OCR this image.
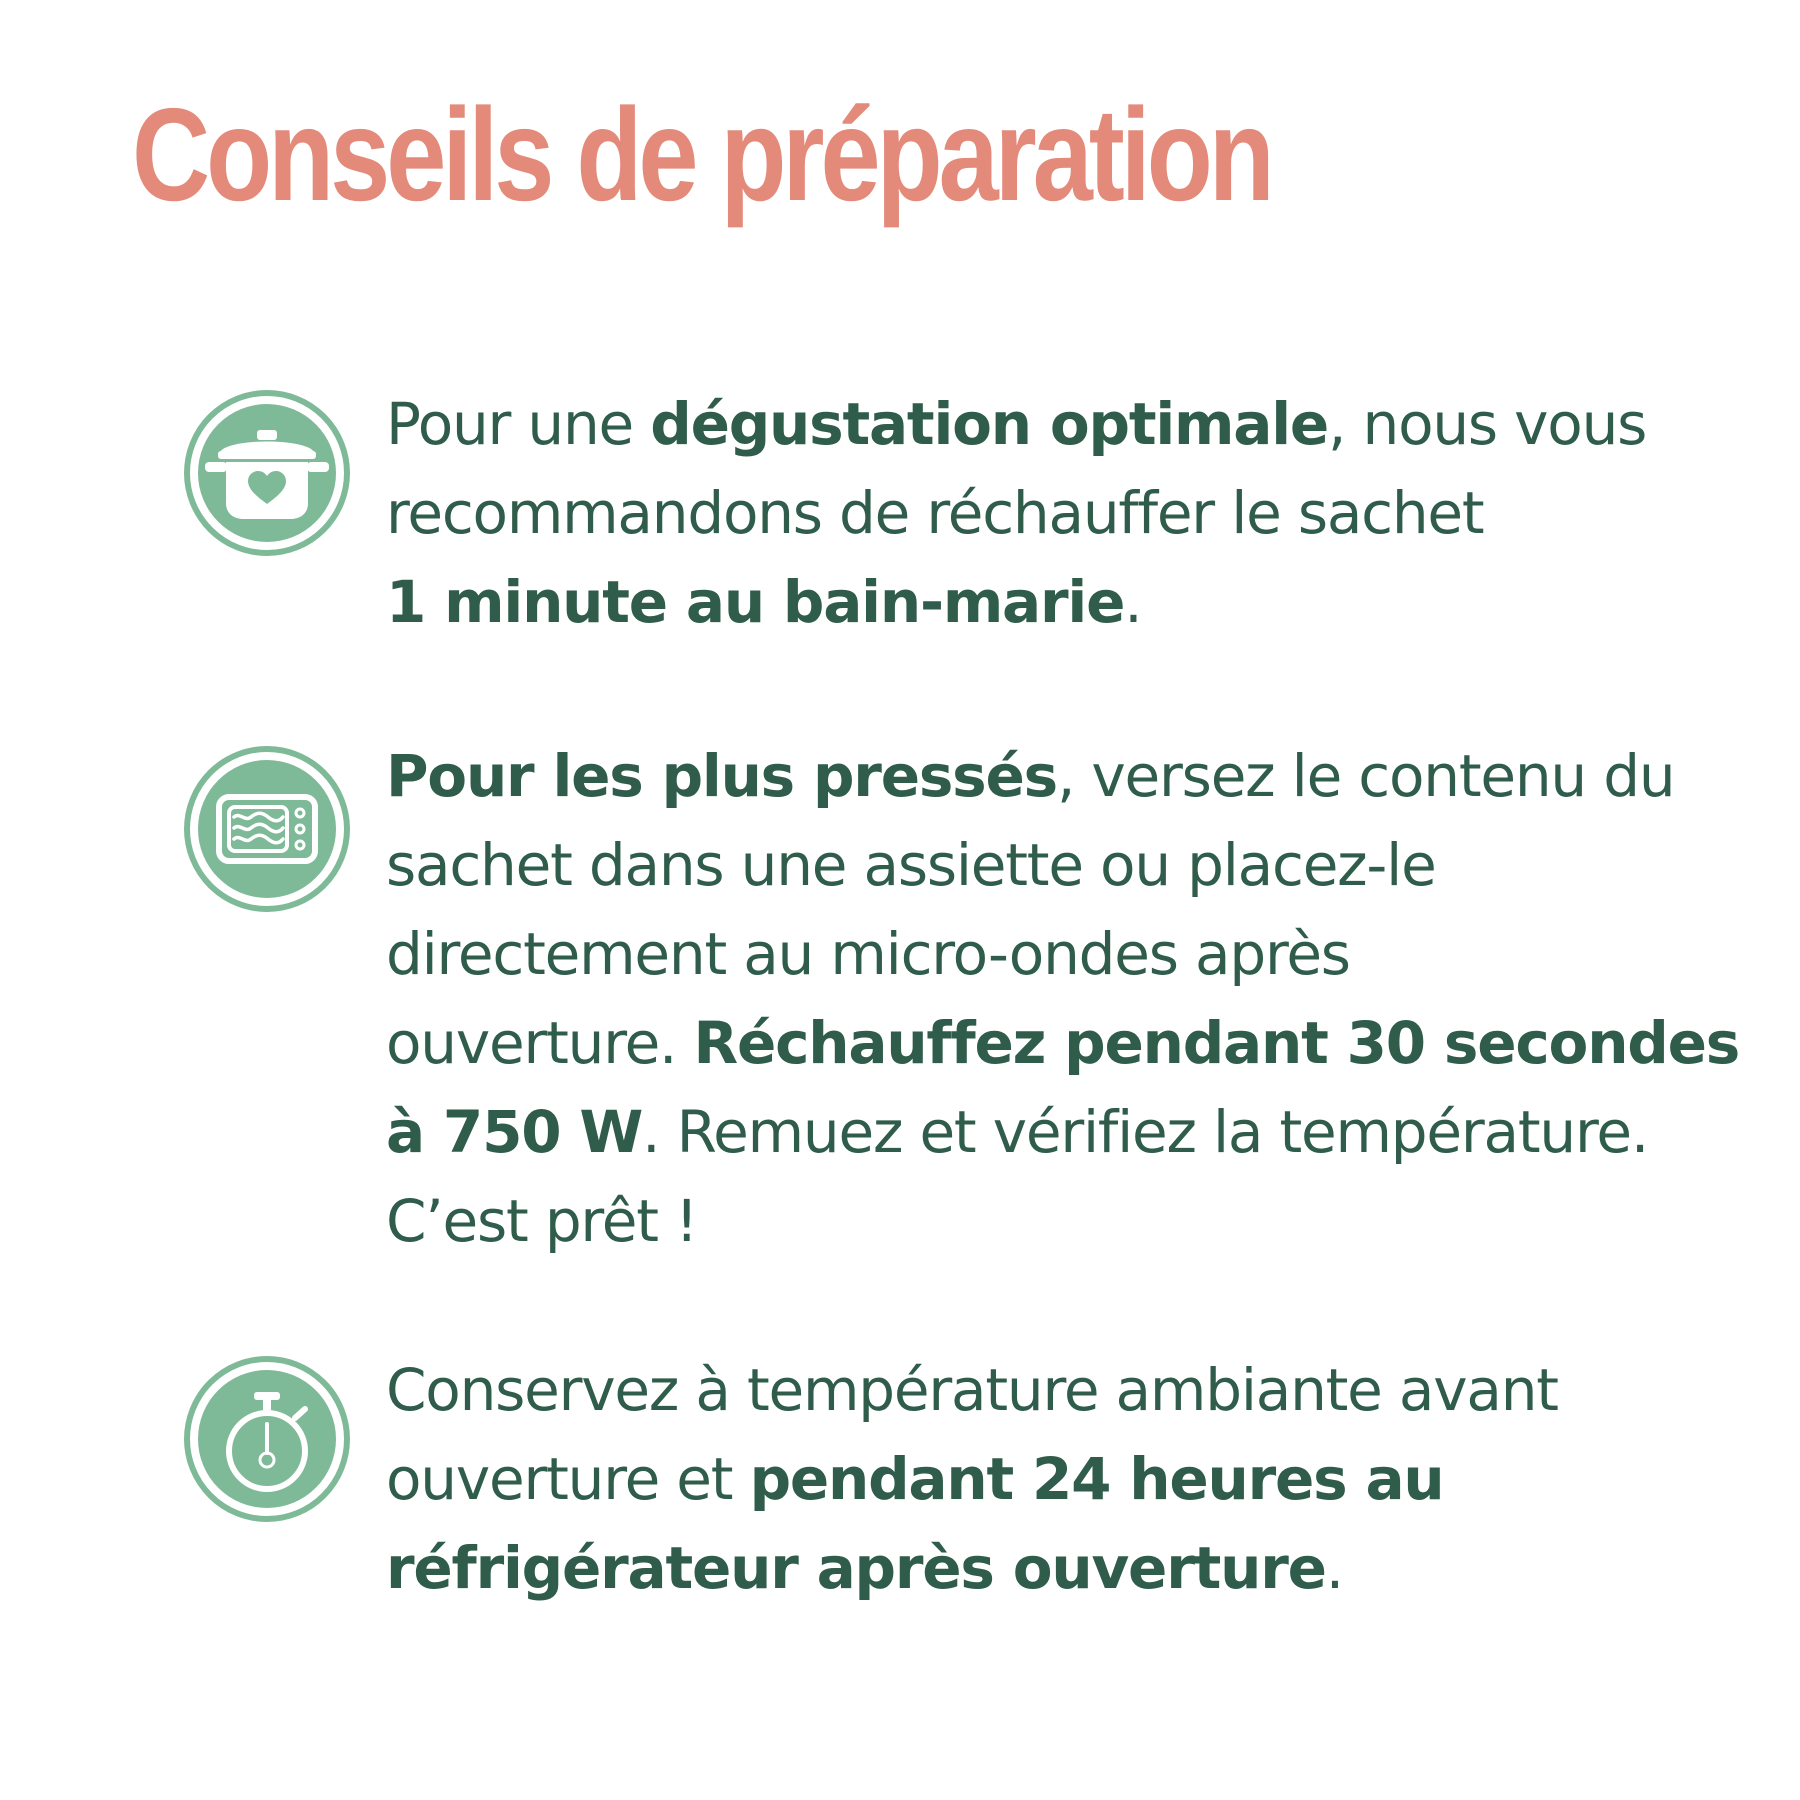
Conseils de préparation
Pour une dégustation optimale, nous vous
recommandons de réchauffer le sachet
1 minute au bain-marie.
Pour les plus pressés, versez le contenu du
sachet dans une assiette ou placez-le
directement au micro-ondes après
ouverture. Réchauffez pendant 30 secondes
à 750 W. Remuez et vérifiez la température.
C’est prêt !
Conservez à température ambiante avant
ouverture et pendant 24 heures au
réfrigérateur après ouverture.
